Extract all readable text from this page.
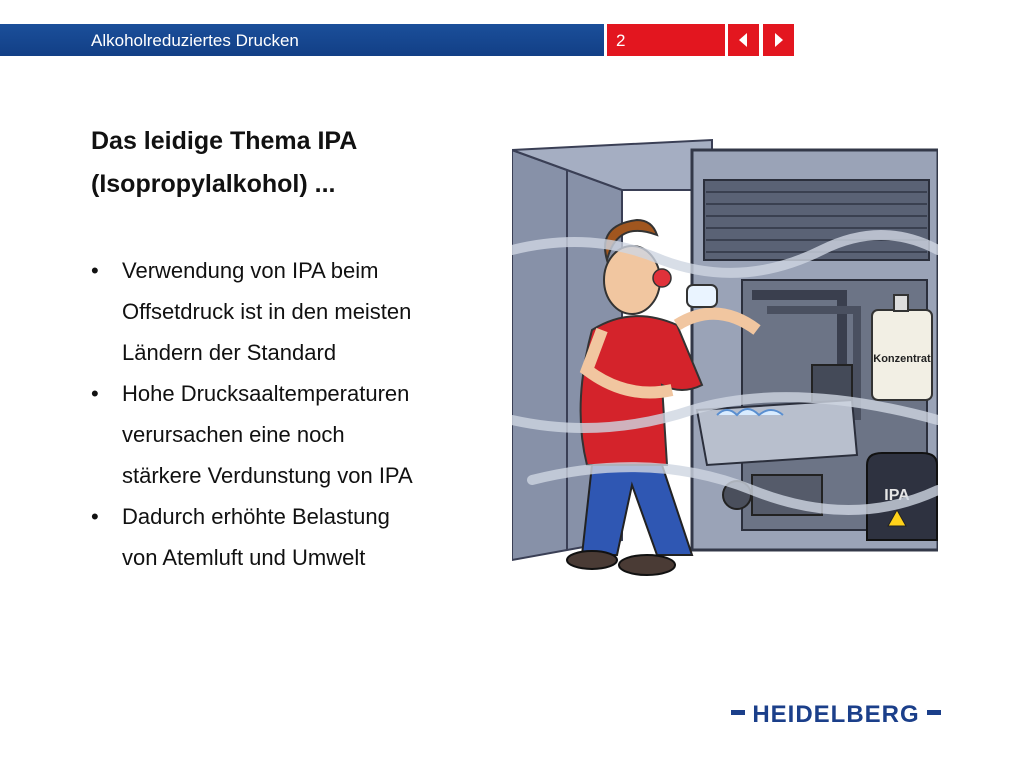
Alkoholreduziertes Drucken	2
Das leidige Thema IPA
(Isopropylalkohol) ...
• Verwendung von IPA beim
Offsetdruck ist in den meisten
Ländern der Standard
• Hohe Drucksaaltemperaturen
verursachen eine noch
stärkere Verdunstung von IPA
• Dadurch erhöhte Belastung
von Atemluft und Umwelt
Konzentrat
IPA
HEIDELBERG
